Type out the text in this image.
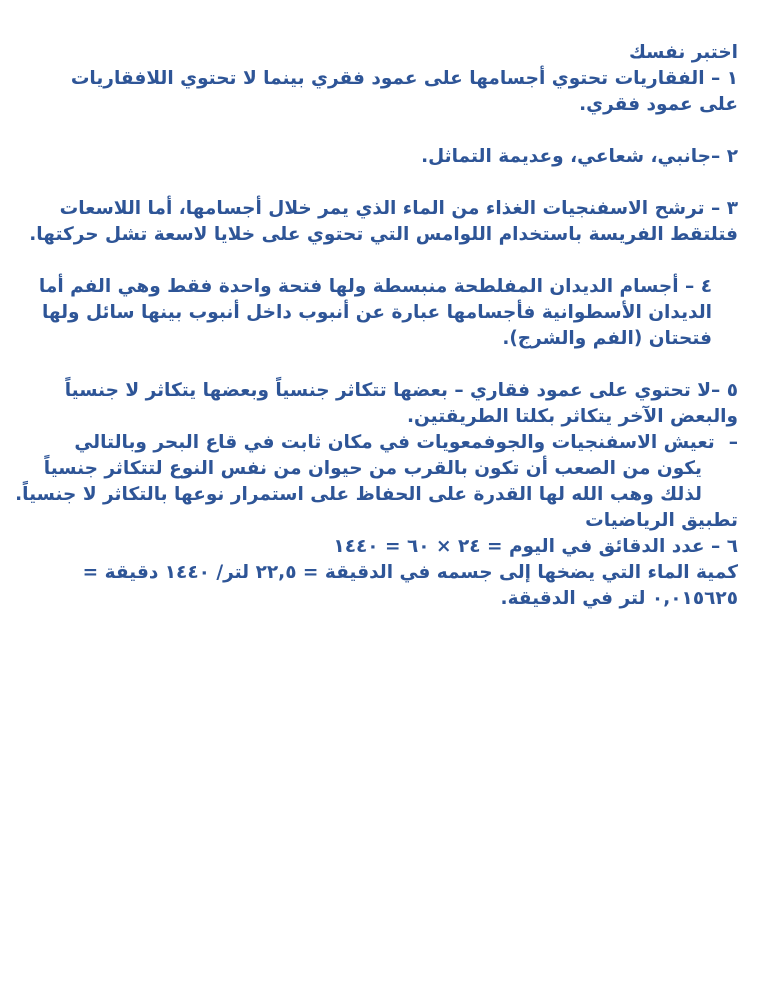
اختبر نفسك
١ – الفقاريات تحتوي أجسامها على عمود فقري بينما لا تحتوي اللافقاريات
على عمود فقري.
٢ –جانبي، شعاعي، وعديمة التماثل.
٣ – ترشح الاسفنجيات الغذاء من الماء الذي يمر خلال أجسامها، أما اللاسعات
فتلتقط الفريسة باستخدام اللوامس التي تحتوي على خلايا لاسعة تشل حركتها.
٤ – أجسام الديدان المفلطحة منبسطة ولها فتحة واحدة فقط وهي الفم أما
الديدان الأسطوانية فأجسامها عبارة عن أنبوب داخل أنبوب بينها سائل ولها
فتحتان (الفم والشرج).
٥ –لا تحتوي على عمود فقاري – بعضها تتكاثر جنسياً وبعضها يتكاثر لا جنسياً
والبعض الآخر يتكاثر بكلتا الطريقتين.
–تعيش الاسفنجيات والجوفمعويات في مكان ثابت في قاع البحر وبالتالي
يكون من الصعب أن تكون بالقرب من حيوان من نفس النوع لتتكاثر جنسياً
لذلك وهب الله لها القدرة على الحفاظ على استمرار نوعها بالتكاثر لا جنسياً.
تطبيق الرياضيات
٦ – عدد الدقائق في اليوم = ٢٤ × ٦٠ = ١٤٤٠
كمية الماء التي يضخها إلى جسمه في الدقيقة = ٢٢,٥ لتر/ ١٤٤٠ دقيقة =
٠,٠١٥٦٢٥ لتر في الدقيقة.
